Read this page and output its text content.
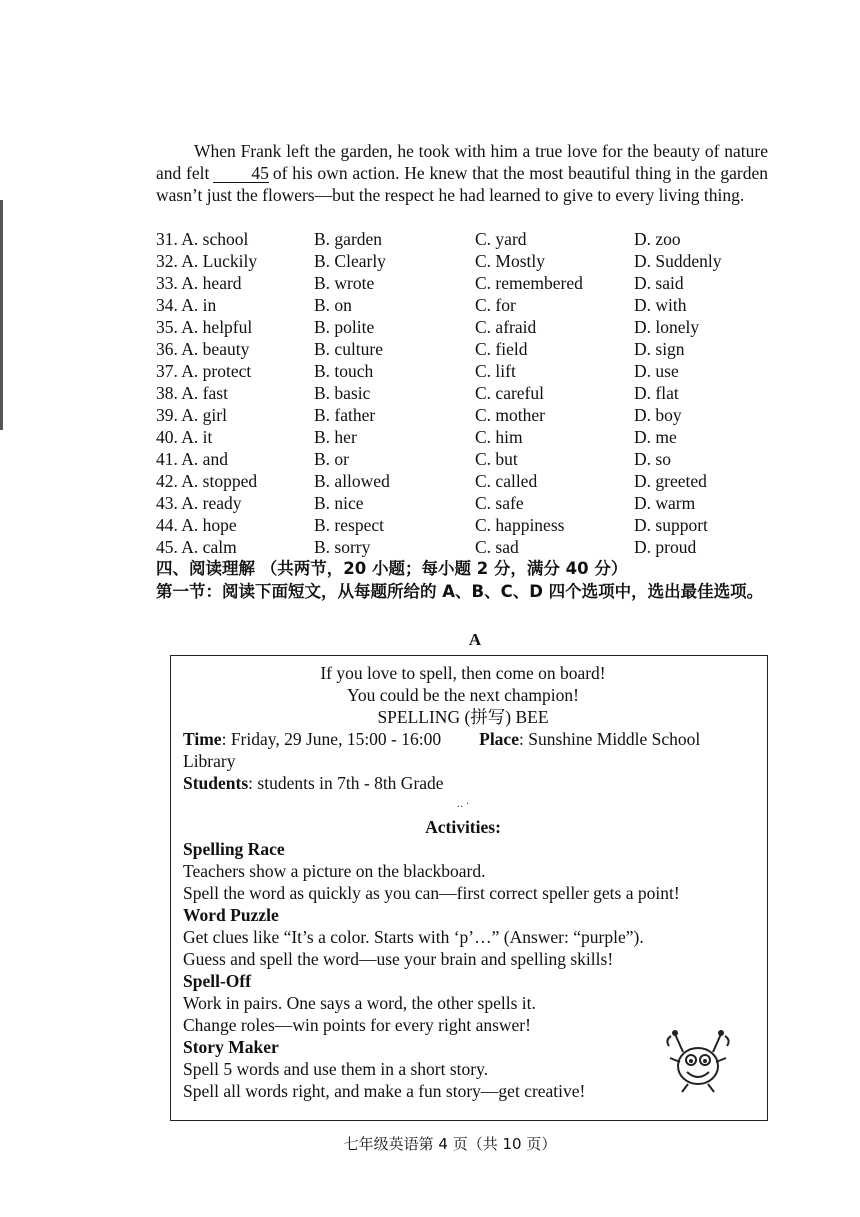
When Frank left the garden, he took with him a true love for the beauty of nature and felt 45 of his own action. He knew that the most beautiful thing in the garden wasn’t just the flowers—but the respect he had learned to give to every living thing.

31. A. school	B. garden	C. yard	D. zoo
32. A. Luckily	B. Clearly	C. Mostly	D. Suddenly
33. A. heard	B. wrote	C. remembered	D. said
34. A. in	B. on	C. for	D. with
35. A. helpful	B. polite	C. afraid	D. lonely
36. A. beauty	B. culture	C. field	D. sign
37. A. protect	B. touch	C. lift	D. use
38. A. fast	B. basic	C. careful	D. flat
39. A. girl	B. father	C. mother	D. boy
40. A. it	B. her	C. him	D. me
41. A. and	B. or	C. but	D. so
42. A. stopped	B. allowed	C. called	D. greeted
43. A. ready	B. nice	C. safe	D. warm
44. A. hope	B. respect	C. happiness	D. support
45. A. calm	B. sorry	C. sad	D. proud
四、阅读理解 （共两节，20 小题；每小题 2 分，满分 40 分）
第一节：阅读下面短文，从每题所给的 A、B、C、D 四个选项中，选出最佳选项。
A
If you love to spell, then come on board!
You could be the next champion!
SPELLING (拼写) BEE
Time: Friday, 29 June, 15:00 - 16:00 Place: Sunshine Middle School Library
Students: students in 7th - 8th Grade
‥ ·
Activities:
Spelling Race
Teachers show a picture on the blackboard.
Spell the word as quickly as you can—first correct speller gets a point!
Word Puzzle
Get clues like “It’s a color. Starts with ‘p’…” (Answer: “purple”).
Guess and spell the word—use your brain and spelling skills!
Spell-Off
Work in pairs. One says a word, the other spells it.
Change roles—win points for every right answer!
Story Maker
Spell 5 words and use them in a short story.
Spell all words right, and make a fun story—get creative!
七年级英语第 4 页（共 10 页）
